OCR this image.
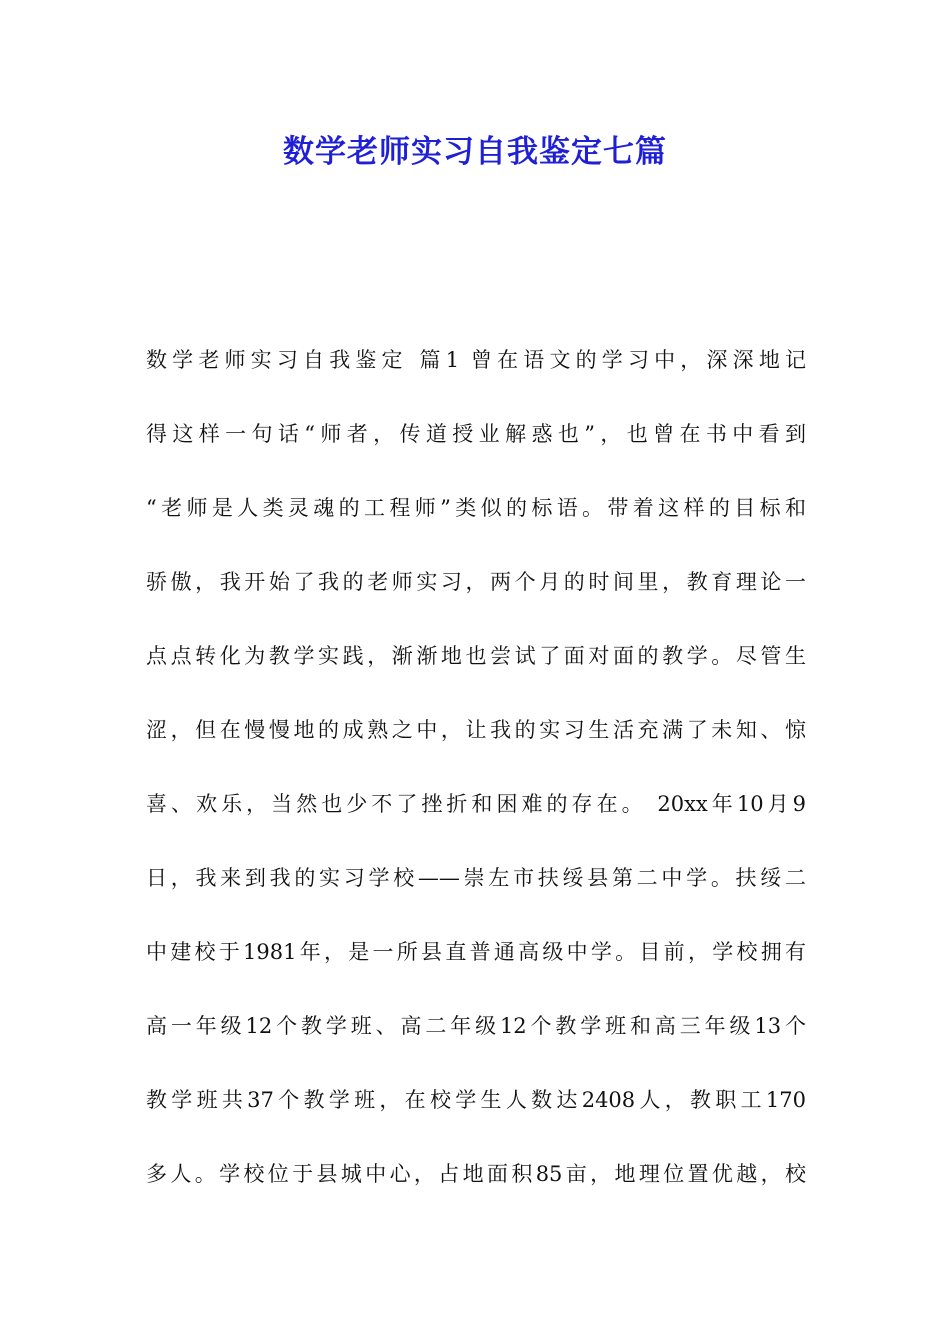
数学老师实习自我鉴定七篇
数学老师实习自我鉴定 篇1 曾在语文的学习中，深深地记
得这样一句话“师者，传道授业解惑也”，也曾在书中看到
“老师是人类灵魂的工程师”类似的标语。带着这样的目标和
骄傲，我开始了我的老师实习，两个月的时间里，教育理论一
点点转化为教学实践，渐渐地也尝试了面对面的教学。尽管生
涩，但在慢慢地的成熟之中，让我的实习生活充满了未知、惊
喜、欢乐，当然也少不了挫折和困难的存在。 20xx年10月9
日，我来到我的实习学校——崇左市扶绥县第二中学。扶绥二
中建校于1981年，是一所县直普通高级中学。目前，学校拥有
高一年级12个教学班、高二年级12个教学班和高三年级13个
教学班共37个教学班，在校学生人数达2408人，教职工170
多人。学校位于县城中心，占地面积85亩，地理位置优越，校
